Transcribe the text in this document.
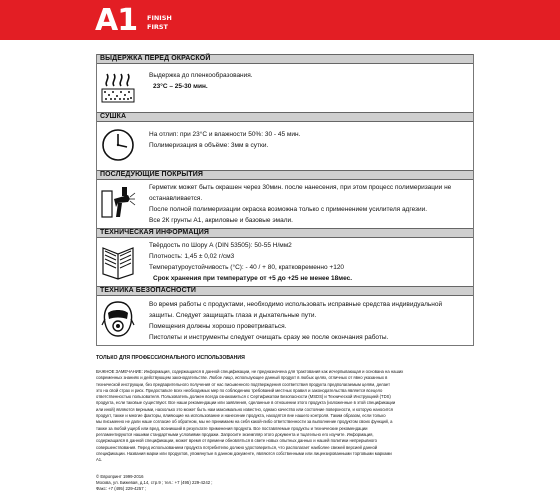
A1 FINISH
FIRST
ВЫДЕРЖКА ПЕРЕД ОКРАСКОЙ
Выдержка до пленкообразования.
23°C – 25-30 мин.
СУШКА
На отлип: при 23°C и влажности 50%: 30 - 45 мин.
Полимеризация в объёме: 3мм в сутки.
ПОСЛЕДУЮЩИЕ ПОКРЫТИЯ
Герметик может быть окрашен через 30мин. после нанесения, при этом процесс полимеризации не
останавливается.
После полной полимеризации окраска возможна только с применением усилителя адгезии.
Все 2К грунты А1, акриловые и базовые эмали.
ТЕХНИЧЕСКАЯ ИНФОРМАЦИЯ
Твёрдость по Шору А (DIN 53505): 50-55 Н/мм2
Плотность: 1,45 ± 0,02 г/см3
Температуроустойчивость (°С): - 40 / + 80, кратковременно +120
Срок хранения при температуре от +5 до +25 не менее 18мес.
ТЕХНИКА БЕЗОПАСНОСТИ
Во время работы с продуктами, необходимо использовать исправные средства индивидуальной
защиты. Следует защищать глаза и дыхательные пути.
Помещения должны хорошо проветриваться.
Пистолеты и инструменты следует очищать сразу же после окончания работы.
ТОЛЬКО ДЛЯ ПРОФЕССИОНАЛЬНОГО ИСПОЛЬЗОВАНИЯ
ВАЖНОЕ ЗАМЕЧАНИЕ: Информация, содержащаяся в данной спецификации, не предназначена для трактования как исчерпывающая и основана на наших
современных знаниях и действующем законодательстве. Любое лицо, использующее данный продукт в любых целях, отличных от явно указанных в
технической инструкции, без предварительного получения от нас письменного подтверждения соответствия продукта предполагаемым целям, делает
это на свой страх и риск. Предоставьте всех необходимых мер по соблюдению требований местных правил и законодательства является всецело
ответственностью пользователя. Пользователь должен всегда ознакомиться с Сертификатом Безопасности (MSDS) и Технической Инструкцией (TDS)
продукта, если таковые существуют. Все наши рекомендации или заявления, сделанные в отношении этого продукта (изложенные в этой спецификации
или иной) являются верными, насколько это может быть нам максимально известно, однако качество или состояние поверхности, и которую наносится
продукт, также и многие факторы, влияющие на использование и нанесение продукта, находятся вне нашего контроля. Таким образом, если только
мы письменно не дали наше согласие об обратном, мы не принимаем на себя какой-либо ответственности за выполнение продуктом своих функций, а
также за любой ущерб или вред, возникший в результате применения продукта. Все поставляемые продукты и технические рекомендации
регламентируются нашими стандартными условиями продажи. Запросите экземпляр этого документа и тщательно его изучите. Информация,
содержащаяся в данной спецификации, может время от времени обновляться в свете новых опытных данных и нашей политики непрерывного
совершенствования. Перед использованием продукта потребителю должно удостовериться, что располагает наиболее свежей версией данной
спецификации. Названия марки или продуктов, упомянутые в данном документе, являются собственными или лицензированными торговыми марками
А1.
© Европринт 1999-2016
Москва, ул. Бижевая, д.14, стр.9 ; тел.: +7 (495) 229-4242 ;
Факс: +7 (495) 229-4257 ;
